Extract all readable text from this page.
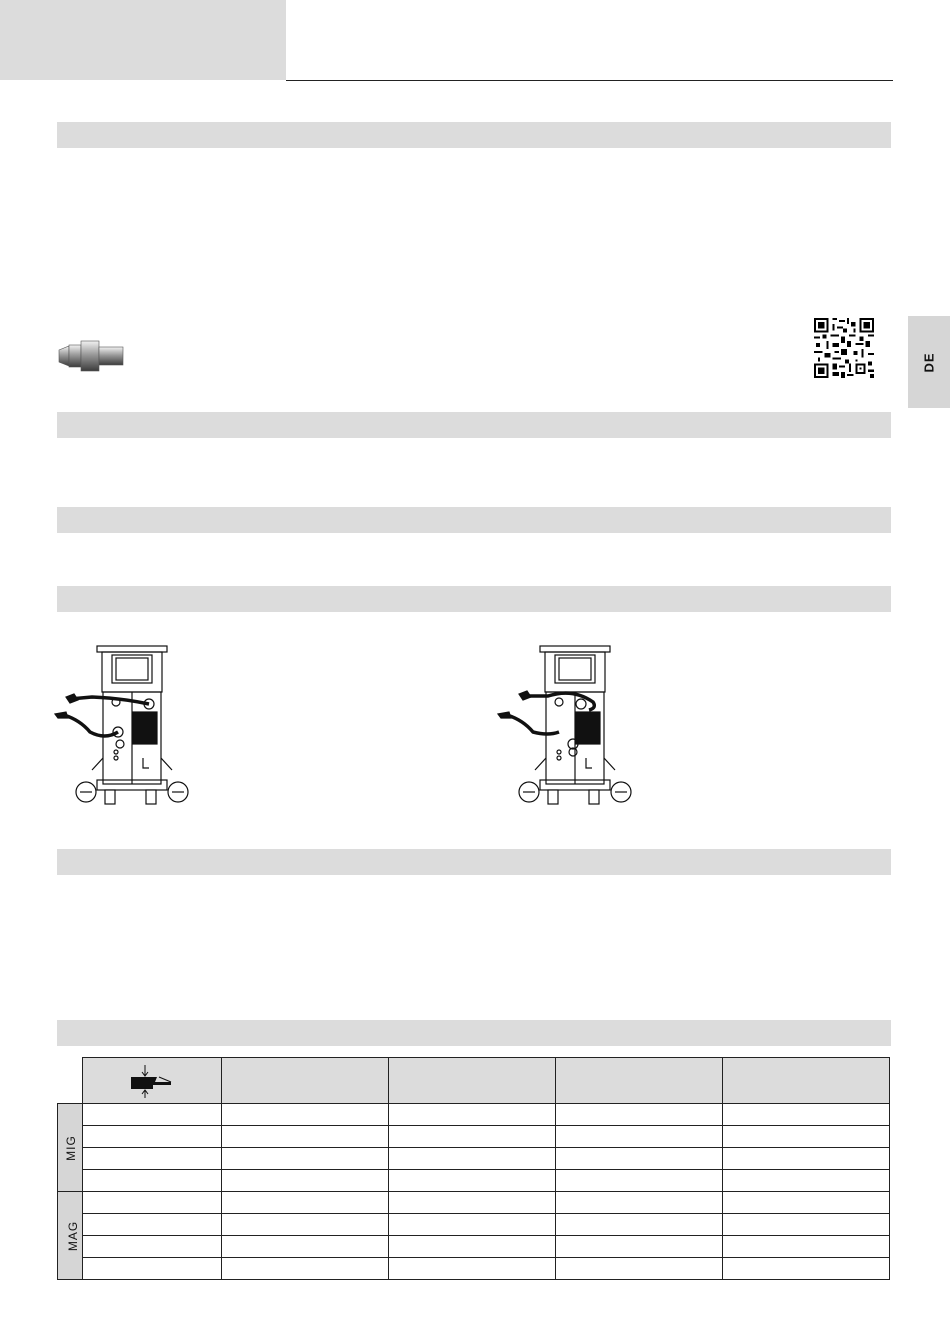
DE

MIG					

MAG					
